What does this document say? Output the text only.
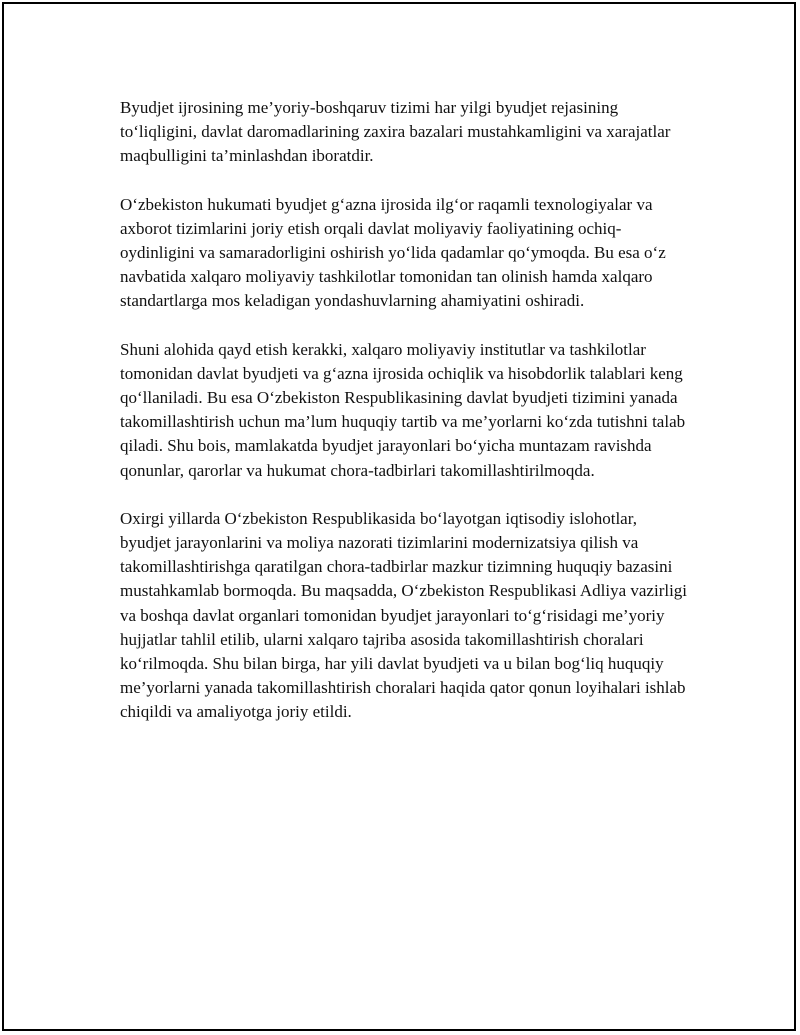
Byudjet ijrosining me’yoriy-boshqaruv tizimi har yilgi byudjet rejasining to‘liqligini, davlat daromadlarining zaxira bazalari mustahkamligini va xarajatlar maqbulligini ta’minlashdan iboratdir.

O‘zbekiston hukumati byudjet g‘azna ijrosida ilg‘or raqamli texnologiyalar va axborot tizimlarini joriy etish orqali davlat moliyaviy faoliyatining ochiq-oydinligini va samaradorligini oshirish yo‘lida qadamlar qo‘ymoqda. Bu esa o‘z navbatida xalqaro moliyaviy tashkilotlar tomonidan tan olinish hamda xalqaro standartlarga mos keladigan yondashuvlarning ahamiyatini oshiradi.

Shuni alohida qayd etish kerakki, xalqaro moliyaviy institutlar va tashkilotlar tomonidan davlat byudjeti va g‘azna ijrosida ochiqlik va hisobdorlik talablari keng qo‘llaniladi. Bu esa O‘zbekiston Respublikasining davlat byudjeti tizimini yanada takomillashtirish uchun ma’lum huquqiy tartib va me’yorlarni ko‘zda tutishni talab qiladi. Shu bois, mamlakatda byudjet jarayonlari bo‘yicha muntazam ravishda qonunlar, qarorlar va hukumat chora-tadbirlari takomillashtirilmoqda.

Oxirgi yillarda O‘zbekiston Respublikasida bo‘layotgan iqtisodiy islohotlar, byudjet jarayonlarini va moliya nazorati tizimlarini modernizatsiya qilish va takomillashtirishga qaratilgan chora-tadbirlar mazkur tizimning huquqiy bazasini mustahkamlab bormoqda. Bu maqsadda, O‘zbekiston Respublikasi Adliya vazirligi va boshqa davlat organlari tomonidan byudjet jarayonlari to‘g‘risidagi me’yoriy hujjatlar tahlil etilib, ularni xalqaro tajriba asosida takomillashtirish choralari ko‘rilmoqda. Shu bilan birga, har yili davlat byudjeti va u bilan bog‘liq huquqiy me’yorlarni yanada takomillashtirish choralari haqida qator qonun loyihalari ishlab chiqildi va amaliyotga joriy etildi.
